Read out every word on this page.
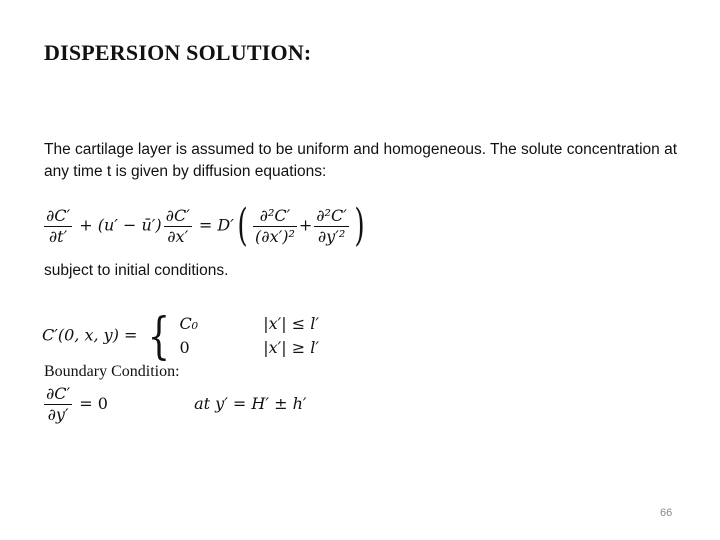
DISPERSION SOLUTION:
The cartilage layer is assumed to be uniform and homogeneous. The solute concentration at any time t is given by diffusion equations:
$\frac{\partial C'}{\partial t'} + (u'$ − ū′) $\frac{\partial C'}{\partial x'} = D'( \frac{\text{∂²C′}}{\text{(∂x′)²}} + \frac{\text{∂²C′}}{\text{∂y′²}}$ )
subject to initial conditions.
C′(0, x, y) = { C₀
0

|x′| ≤ l′
|x′| ≥ l′
Boundary Condition:
$\frac{\partial C'}{\partial y'} = 0$	at y′ = H′ ± h′
66
